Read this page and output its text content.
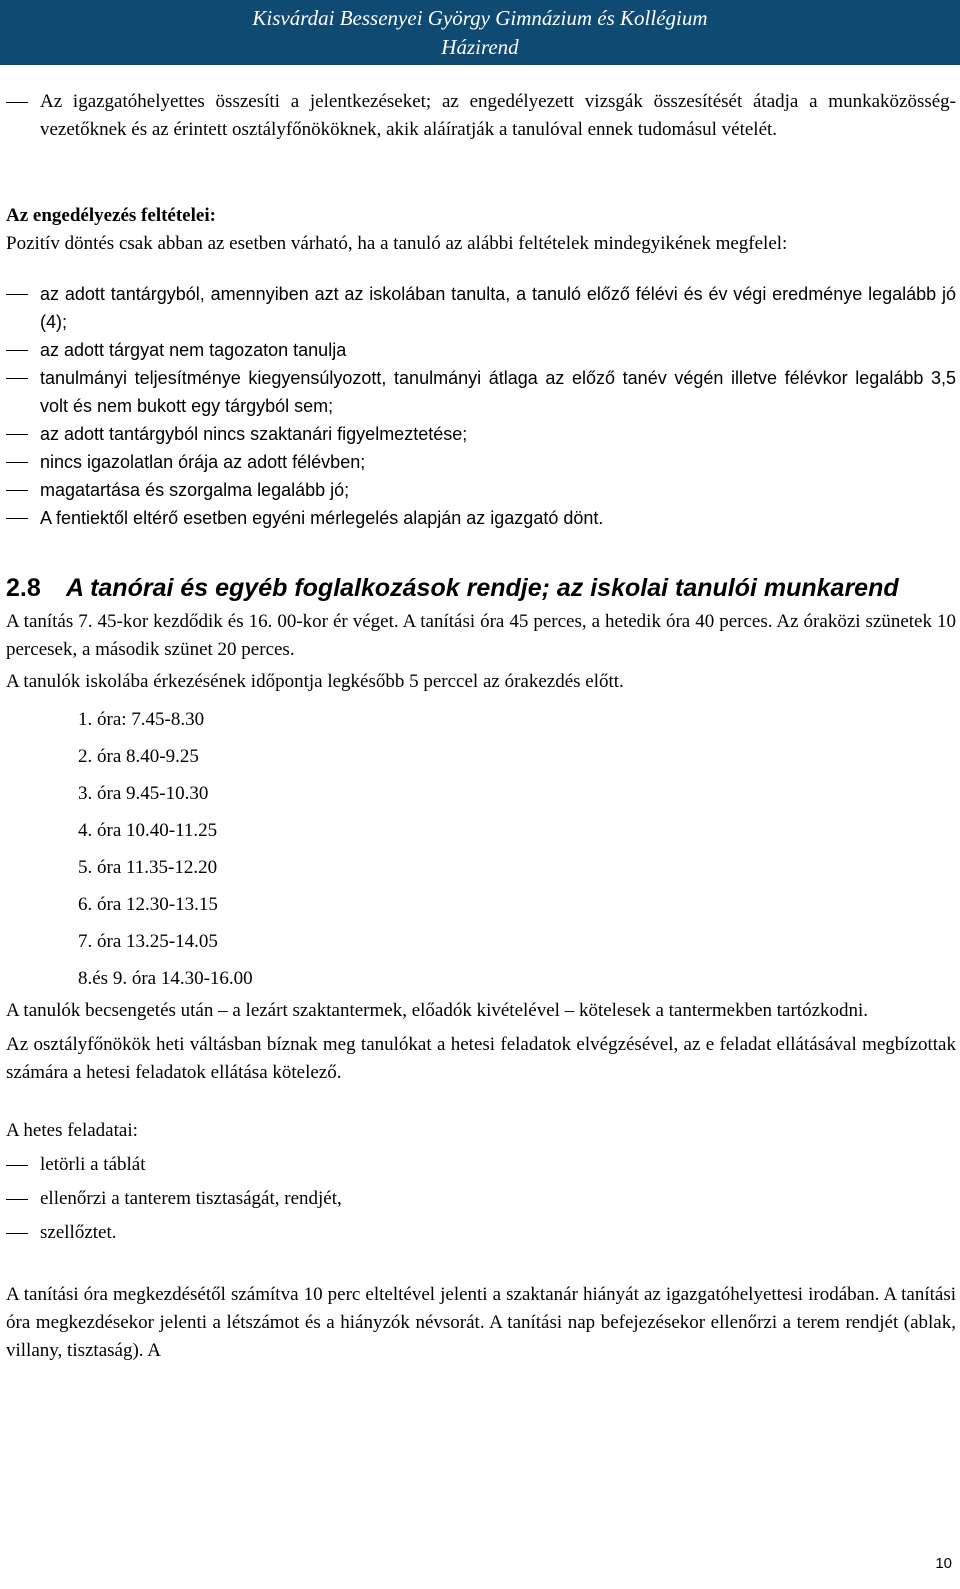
Kisvárdai Bessenyei György Gimnázium és Kollégium
Házirend
Az igazgatóhelyettes összesíti a jelentkezéseket; az engedélyezett vizsgák összesítését átadja a munkaközösség-vezetőknek és az érintett osztályfőnököknek, akik aláíratják a tanulóval ennek tudomásul vételét.

Az engedélyezés feltételei:

Pozitív döntés csak abban az esetben várható, ha a tanuló az alábbi feltételek mindegyikének megfelel:

az adott tantárgyból, amennyiben azt az iskolában tanulta, a tanuló előző félévi és év végi eredménye legalább jó (4);
az adott tárgyat nem tagozaton tanulja
tanulmányi teljesítménye kiegyensúlyozott, tanulmányi átlaga az előző tanév végén illetve félévkor legalább 3,5 volt és nem bukott egy tárgyból sem;
az adott tantárgyból nincs szaktanári figyelmeztetése;
nincs igazolatlan órája az adott félévben;
magatartása és szorgalma legalább jó;
A fentiektől eltérő esetben egyéni mérlegelés alapján az igazgató dönt.
2.8	A tanórai és egyéb foglalkozások rendje; az iskolai tanulói munkarend

A tanítás 7. 45-kor kezdődik és 16. 00-kor ér véget. A tanítási óra 45 perces, a hetedik óra 40 perces. Az óraközi szünetek 10 percesek, a második szünet 20 perces.

A tanulók iskolába érkezésének időpontja legkésőbb 5 perccel az órakezdés előtt.

1. óra: 7.45-8.30
2. óra 8.40-9.25
3. óra 9.45-10.30
4. óra 10.40-11.25
5. óra 11.35-12.20
6. óra 12.30-13.15
7. óra 13.25-14.05
8.és 9. óra 14.30-16.00

A tanulók becsengetés után – a lezárt szaktantermek, előadók kivételével – kötelesek a tantermekben tartózkodni.

Az osztályfőnökök heti váltásban bíznak meg tanulókat a hetesi feladatok elvégzésével, az e feladat ellátásával megbízottak számára a hetesi feladatok ellátása kötelező.

A hetes feladatai:

letörli a táblát
ellenőrzi a tanterem tisztaságát, rendjét,
szellőztet.

A tanítási óra megkezdésétől számítva 10 perc elteltével jelenti a szaktanár hiányát az igazgatóhelyettesi irodában. A tanítási óra megkezdésekor jelenti a létszámot és a hiányzók névsorát. A tanítási nap befejezésekor ellenőrzi a terem rendjét (ablak, villany, tisztaság). A

10
